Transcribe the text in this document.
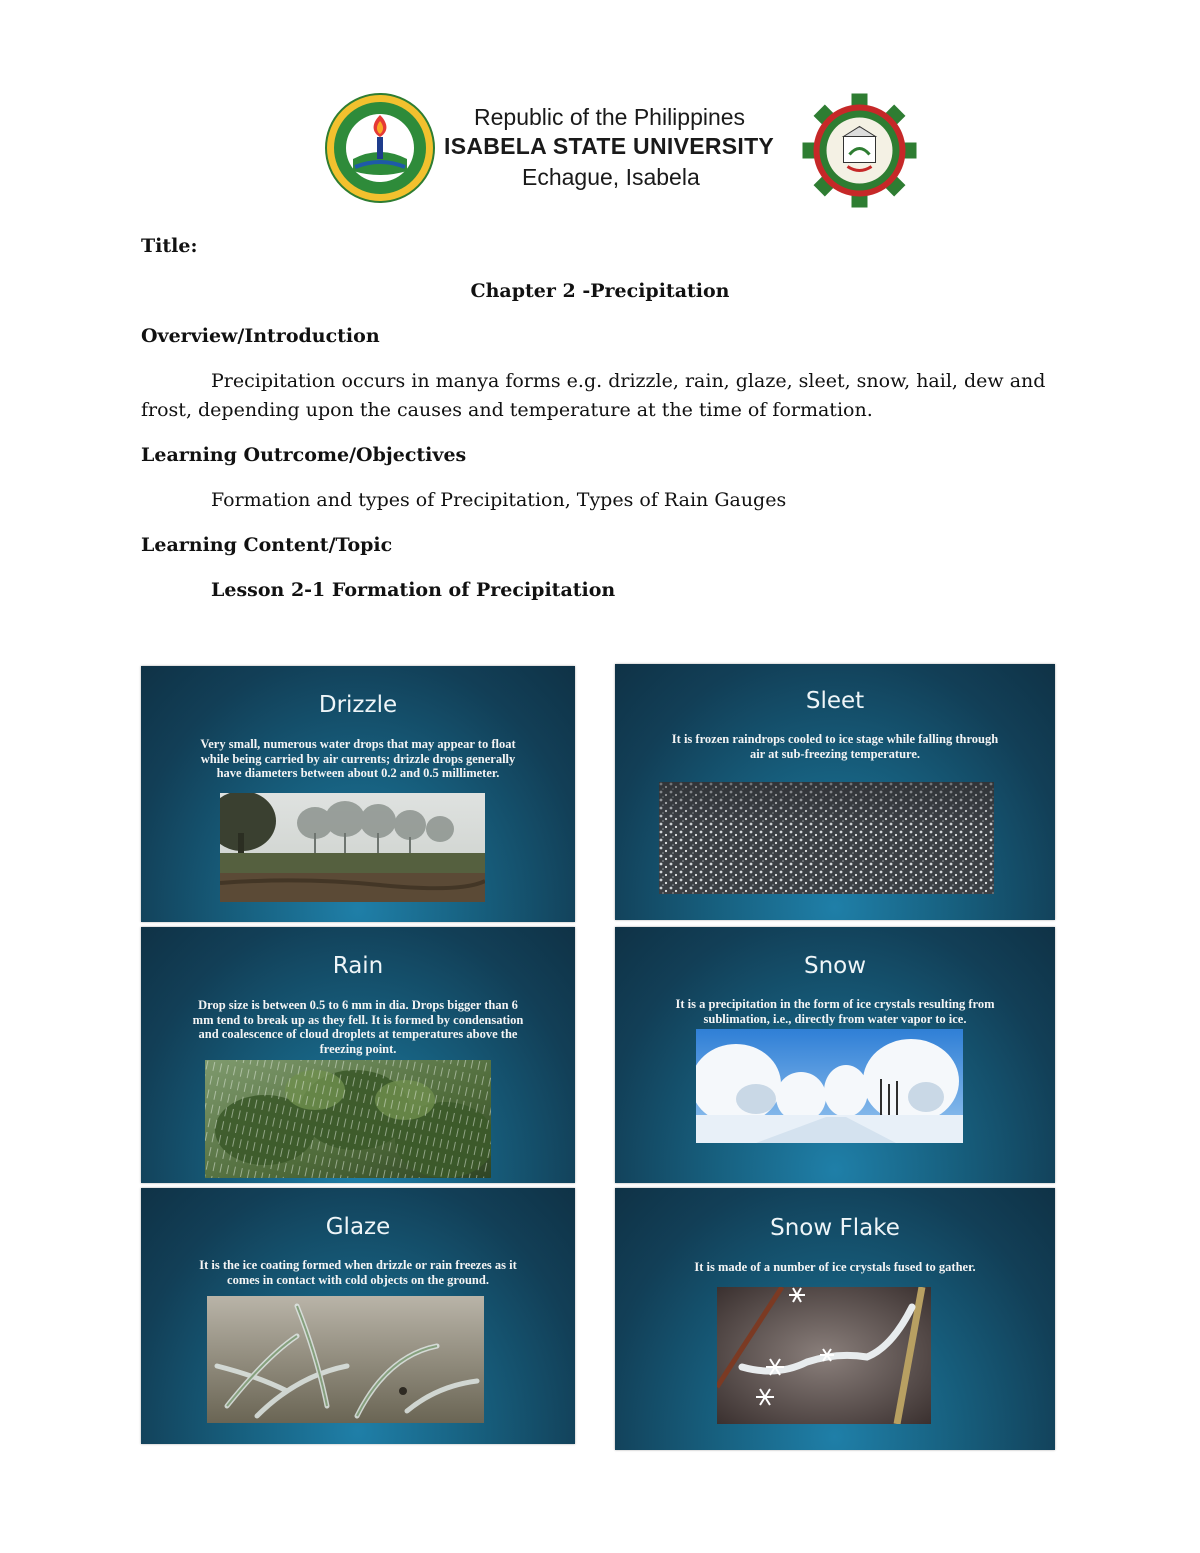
Republic of the Philippines
ISABELA STATE UNIVERSITY
Echague, Isabela
Title:
Chapter 2 -Precipitation
Overview/Introduction
Precipitation occurs in manya forms e.g. drizzle, rain, glaze, sleet, snow, hail, dew and
frost, depending upon the causes and temperature at the time of formation.
Learning Outrcome/Objectives
Formation and types of Precipitation, Types of Rain Gauges
Learning Content/Topic
Lesson 2-1 Formation of Precipitation
Drizzle

Very small, numerous water drops that may appear to float
while being carried by air currents; drizzle drops generally
have diameters between about 0.2 and 0.5 millimeter.

Sleet

It is frozen raindrops cooled to ice stage while falling through
air at sub-freezing temperature.

Rain

Drop size is between 0.5 to 6 mm in dia. Drops bigger than 6
mm tend to break up as they fell. It is formed by condensation
and coalescence of cloud droplets at temperatures above the
freezing point.

Snow

It is a precipitation in the form of ice crystals resulting from
sublimation, i.e., directly from water vapor to ice.

Glaze

It is the ice coating formed when drizzle or rain freezes as it
comes in contact with cold objects on the ground.

Snow Flake

It is made of a number of ice crystals fused to gather.
